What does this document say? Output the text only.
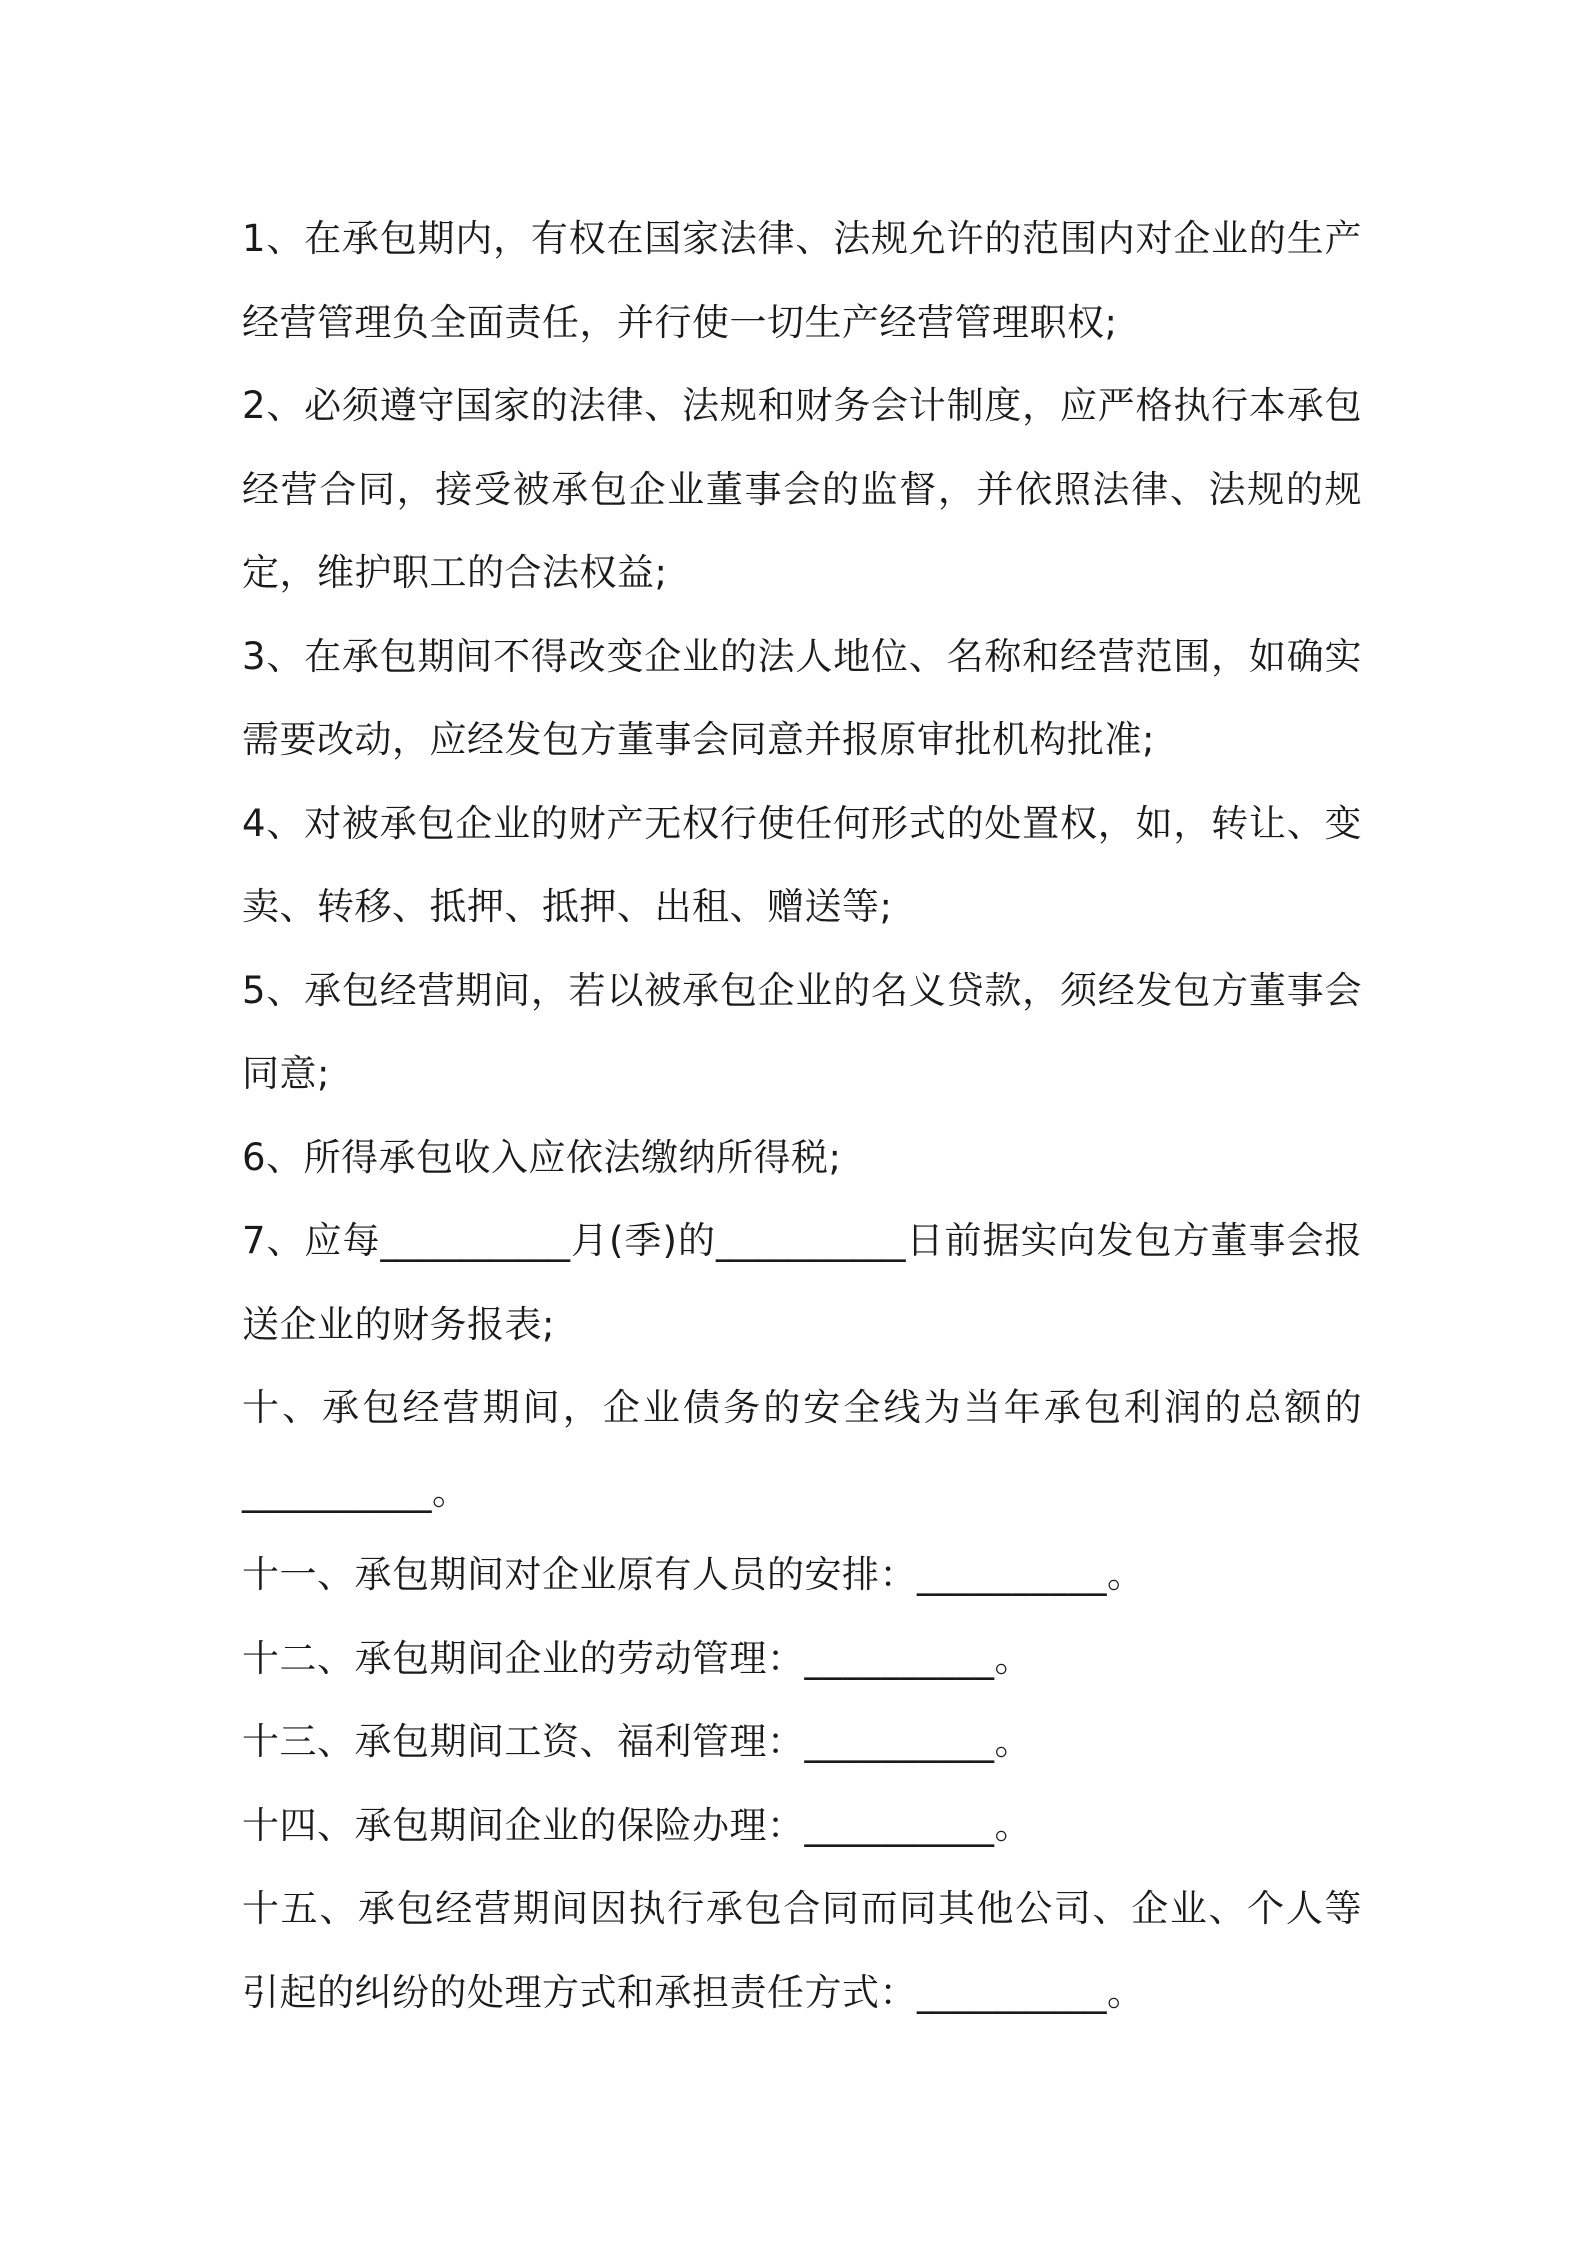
1、在承包期内，有权在国家法律、法规允许的范围内对企业的生产经营管理负全面责任，并行使一切生产经营管理职权;

2、必须遵守国家的法律、法规和财务会计制度，应严格执行本承包经营合同，接受被承包企业董事会的监督，并依照法律、法规的规定，维护职工的合法权益;

3、在承包期间不得改变企业的法人地位、名称和经营范围，如确实需要改动，应经发包方董事会同意并报原审批机构批准;

4、对被承包企业的财产无权行使任何形式的处置权，如，转让、变卖、转移、抵押、抵押、出租、赠送等;

5、承包经营期间，若以被承包企业的名义贷款，须经发包方董事会同意;

6、所得承包收入应依法缴纳所得税;

7、应每__________月(季)的__________日前据实向发包方董事会报送企业的财务报表;

十、承包经营期间，企业债务的安全线为当年承包利润的总额的__________。

十一、承包期间对企业原有人员的安排：__________。

十二、承包期间企业的劳动管理：__________。

十三、承包期间工资、福利管理：__________。

十四、承包期间企业的保险办理：__________。

十五、承包经营期间因执行承包合同而同其他公司、企业、个人等引起的纠纷的处理方式和承担责任方式：__________。
